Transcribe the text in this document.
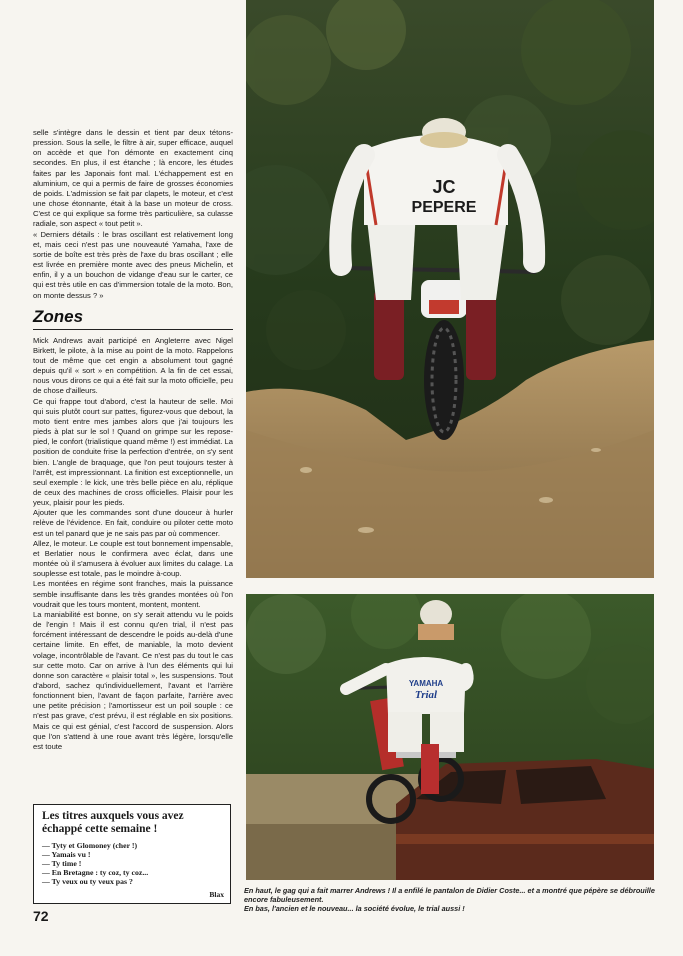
selle s'intègre dans le dessin et tient par deux tétons-pression. Sous la selle, le filtre à air, super efficace, auquel on accède et que l'on démonte en exactement cinq secondes. En plus, il est étanche ; là encore, les études faites par les Japonais font mal. L'échappement est en aluminium, ce qui a permis de faire de grosses économies de poids. L'admission se fait par clapets, le moteur, et c'est une chose étonnante, était à la base un moteur de cross. C'est ce qui explique sa forme très particulière, sa culasse radiale, son aspect « tout petit ».

« Derniers détails : le bras oscillant est relativement long et, mais ceci n'est pas une nouveauté Yamaha, l'axe de sortie de boîte est très près de l'axe du bras oscillant ; elle est livrée en première monte avec des pneus Michelin, et enfin, il y a un bouchon de vidange d'eau sur le carter, ce qui est très utile en cas d'immersion totale de la moto. Bon, on monte dessus ? »

Zones

Mick Andrews avait participé en Angleterre avec Nigel Birkett, le pilote, à la mise au point de la moto. Rappelons tout de même que cet engin a absolument tout gagné depuis qu'il « sort » en compétition. A la fin de cet essai, nous vous dirons ce qui a été fait sur la moto officielle, peu de chose d'ailleurs.

Ce qui frappe tout d'abord, c'est la hauteur de selle. Moi qui suis plutôt court sur pattes, figurez-vous que debout, la moto tient entre mes jambes alors que j'ai toujours les pieds à plat sur le sol ! Quand on grimpe sur les repose-pied, le confort (trialistique quand même !) est immédiat. La position de conduite frise la perfection d'entrée, on s'y sent bien. L'angle de braquage, que l'on peut toujours tester à l'arrêt, est impressionnant. La finition est exceptionnelle, un seul exemple : le kick, une très belle pièce en alu, réplique de ceux des machines de cross officielles. Plaisir pour les yeux, plaisir pour les pieds.

Ajouter que les commandes sont d'une douceur à hurler relève de l'évidence. En fait, conduire ou piloter cette moto est un tel panard que je ne sais pas par où commencer.

Allez, le moteur. Le couple est tout bonnement impensable, et Berlatier nous le confirmera avec éclat, dans une montée où il s'amusera à évoluer aux limites du calage. La souplesse est totale, pas le moindre à-coup.

Les montées en régime sont franches, mais la puissance semble insuffisante dans les très grandes montées où l'on voudrait que les tours montent, montent, montent.

La maniabilité est bonne, on s'y serait attendu vu le poids de l'engin ! Mais il est connu qu'en trial, il n'est pas forcément intéressant de descendre le poids au-delà d'une certaine limite. En effet, de maniable, la moto devient volage, incontrôlable de l'avant. Ce n'est pas du tout le cas sur cette moto. Car on arrive à l'un des éléments qui lui donne son caractère « plaisir total », les suspensions. Tout d'abord, sachez qu'individuellement, l'avant et l'arrière fonctionnent bien, l'avant de façon parfaite, l'arrière avec une petite précision ; l'amortisseur est un poil souple : ce n'est pas grave, c'est prévu, il est réglable en six positions. Mais ce qui est génial, c'est l'accord de suspension. Alors que l'on s'attend à une roue avant très légère, lorsqu'elle est toute

Les titres auxquels vous avez échappé cette semaine !
— Tyty et Glomoney (cher !)
— Yamais vu !
— Ty time !
— En Bretagne : ty coz, ty coz...
— Ty veux ou ty veux pas ?
Blax
72
PEPERE
JC
YAMAHA
Trial

En haut, le gag qui a fait marrer Andrews ! Il a enfilé le pantalon de Didier Coste... et a montré que pépère se débrouille encore fabuleusement.

En bas, l'ancien et le nouveau... la société évolue, le trial aussi !
